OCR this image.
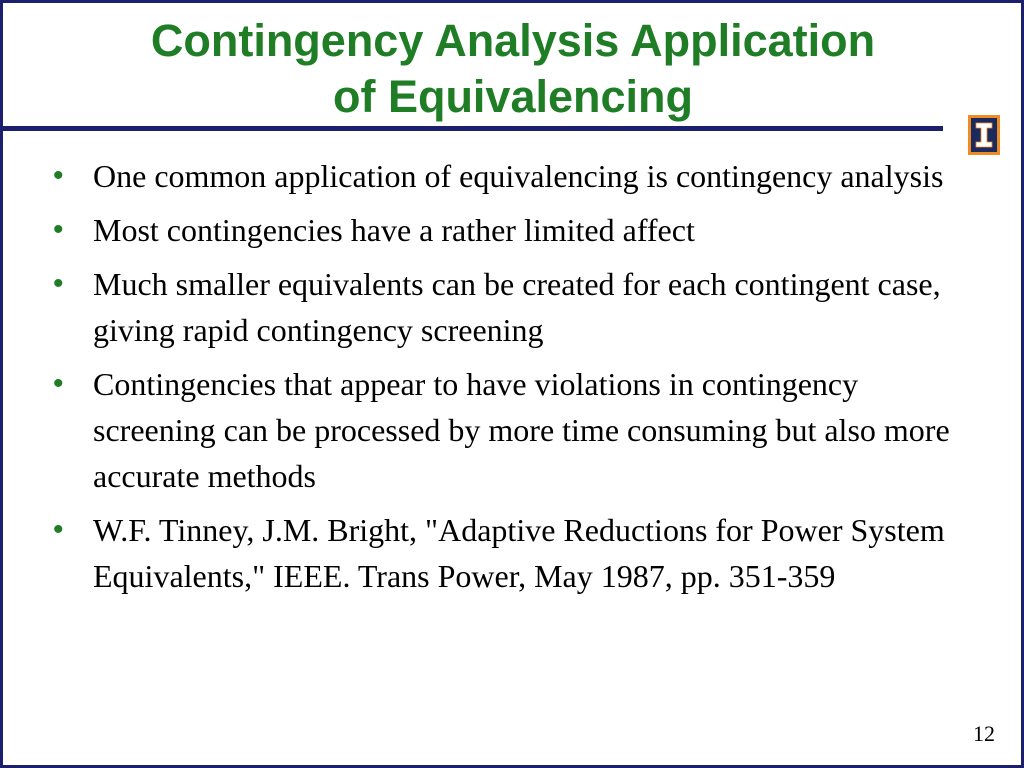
Contingency Analysis Application
of Equivalencing
• One common application of equivalencing is contingency analysis
• Most contingencies have a rather limited affect
• Much smaller equivalents can be created for each contingent case, giving rapid contingency screening
• Contingencies that appear to have violations in contingency screening can be processed by more time consuming but also more accurate methods
• W.F. Tinney, J.M. Bright, "Adaptive Reductions for Power System Equivalents," IEEE. Trans Power, May 1987, pp. 351-359
12
